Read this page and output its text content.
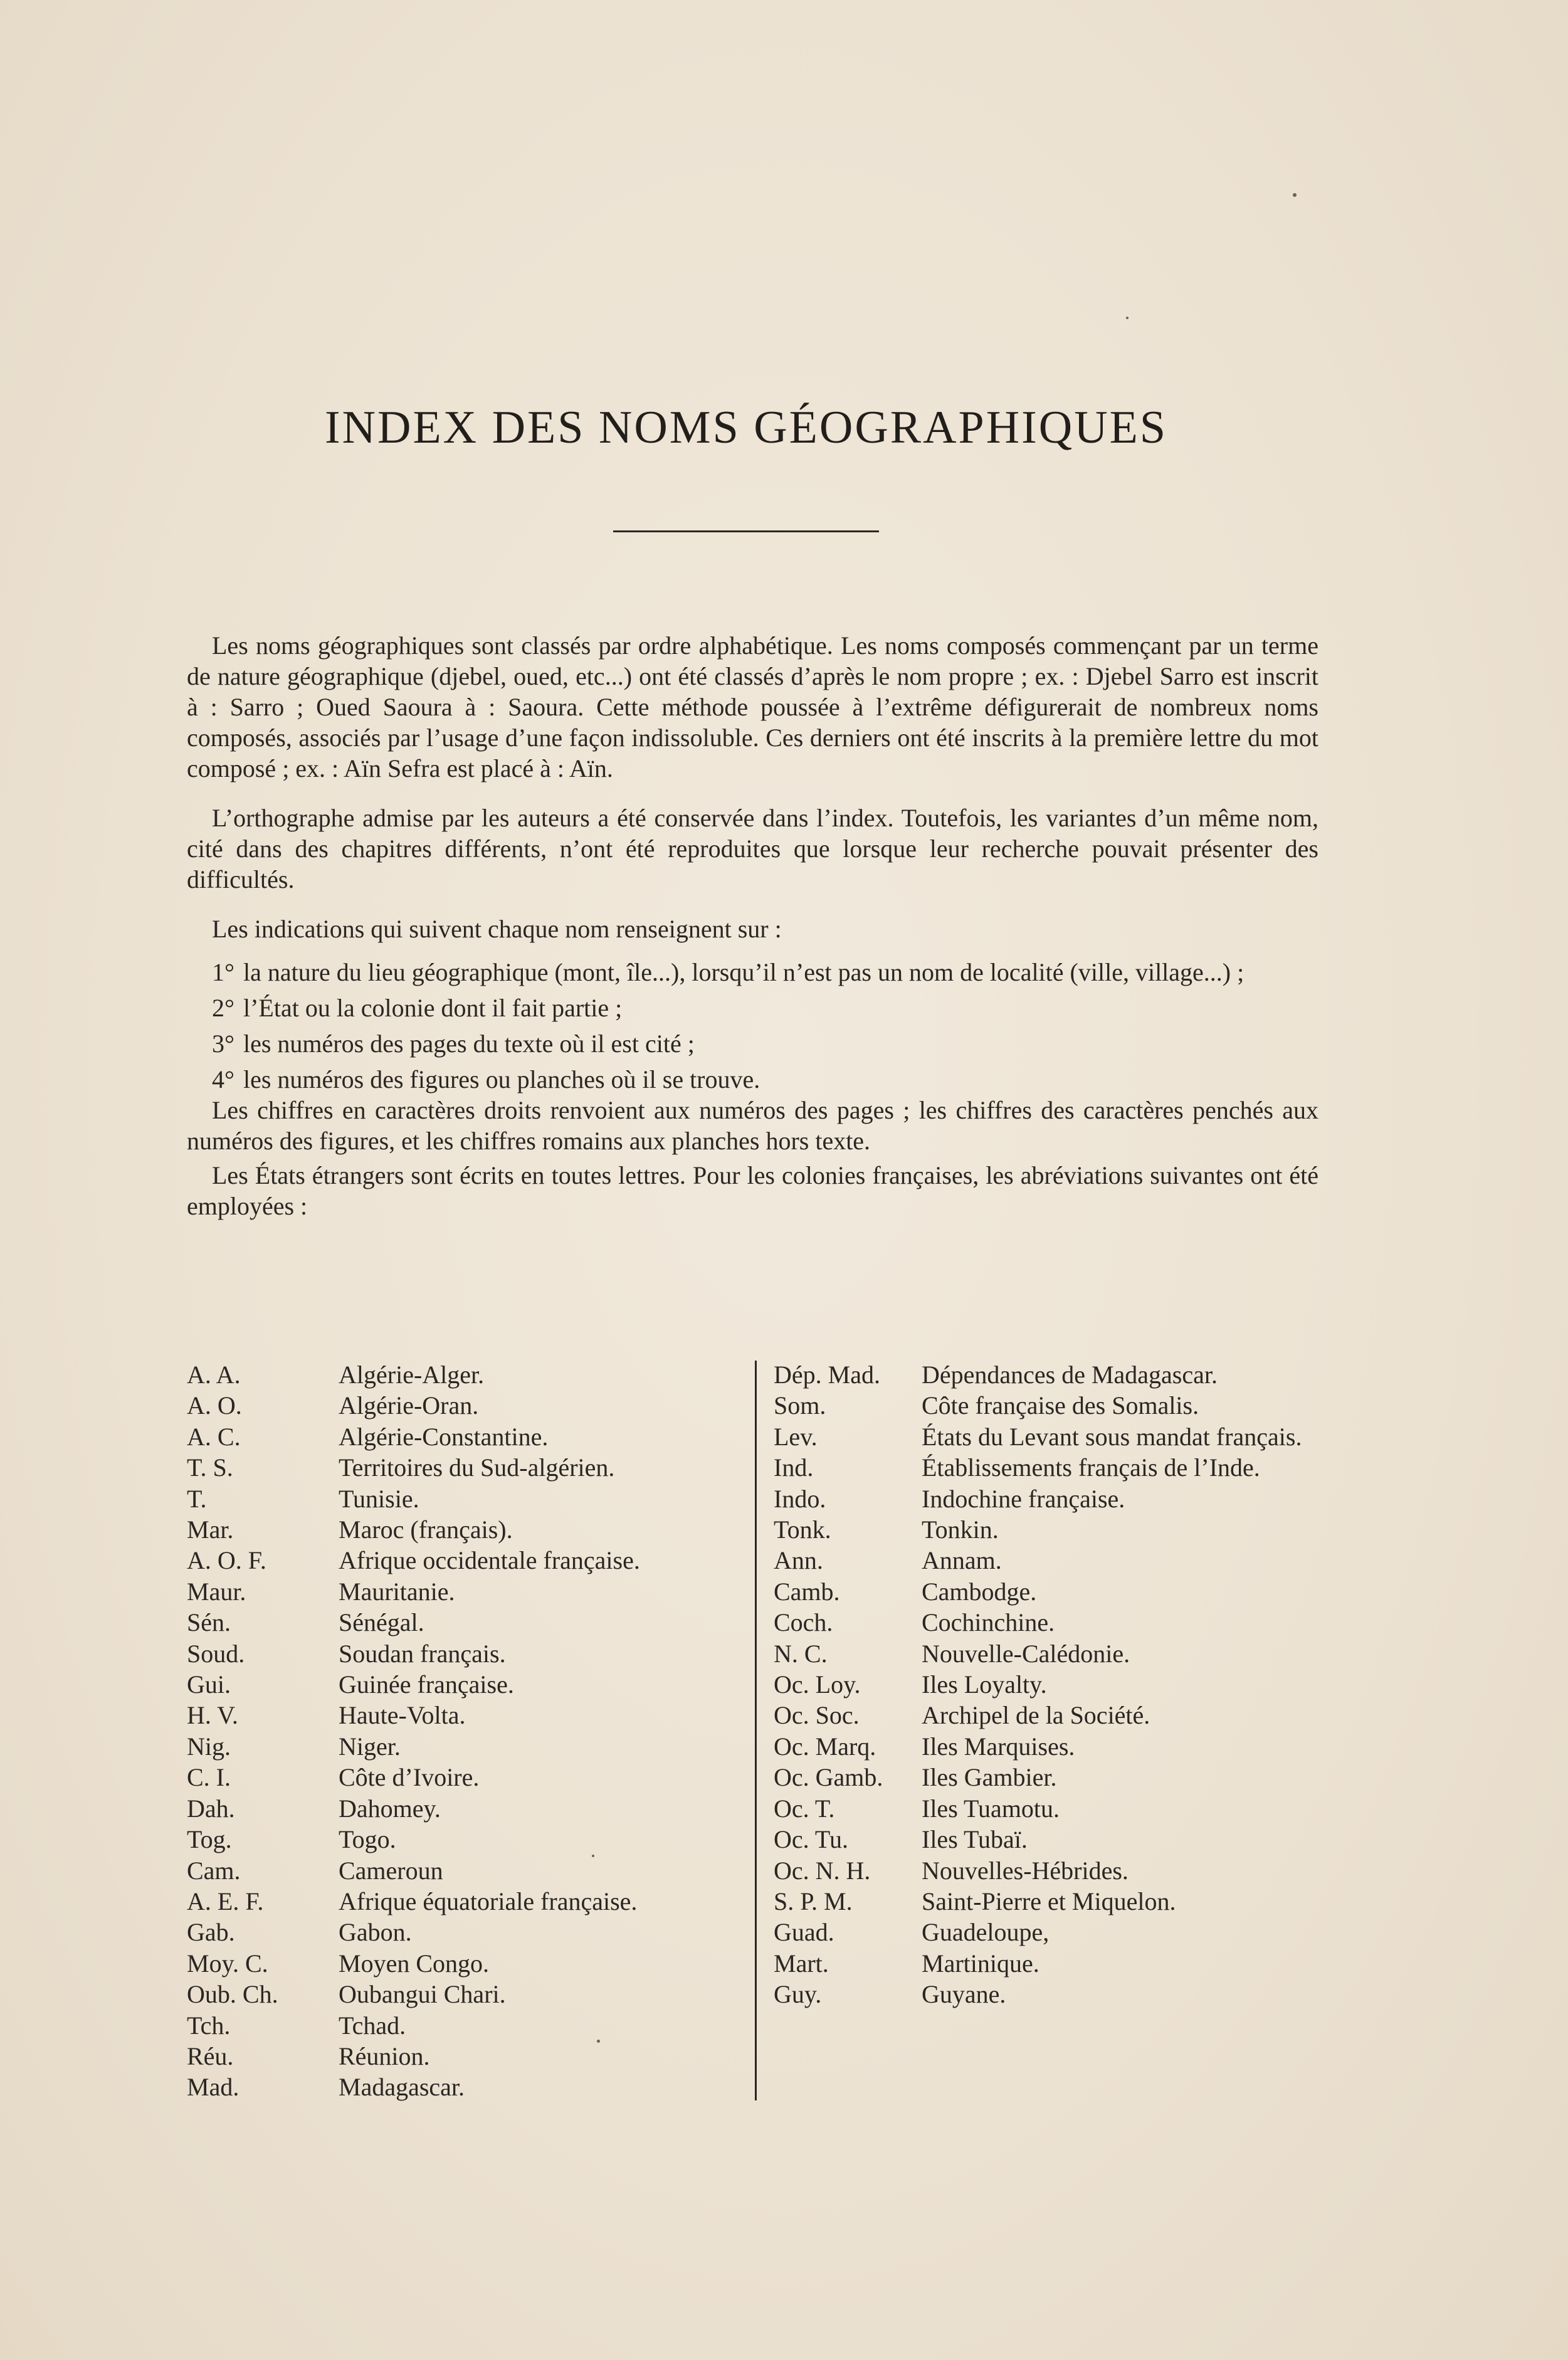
INDEX DES NOMS GÉOGRAPHIQUES

Les noms géographiques sont classés par ordre alphabétique. Les noms composés commençant par un terme de nature géographique (djebel, oued, etc...) ont été classés d’après le nom propre ; ex. : Djebel Sarro est inscrit à : Sarro ; Oued Saoura à : Saoura. Cette méthode poussée à l’extrême défigurerait de nombreux noms composés, associés par l’usage d’une façon indissoluble. Ces derniers ont été inscrits à la première lettre du mot composé ; ex. : Aïn Sefra est placé à : Aïn.

L’orthographe admise par les auteurs a été conservée dans l’index. Toutefois, les variantes d’un même nom, cité dans des chapitres différents, n’ont été reproduites que lorsque leur recherche pouvait présenter des difficultés.

Les indications qui suivent chaque nom renseignent sur :

1° la nature du lieu géographique (mont, île...), lorsqu’il n’est pas un nom de localité (ville, village...) ;

2° l’État ou la colonie dont il fait partie ;

3° les numéros des pages du texte où il est cité ;

4° les numéros des figures ou planches où il se trouve.

Les chiffres en caractères droits renvoient aux numéros des pages ; les chiffres des caractères penchés aux numéros des figures, et les chiffres romains aux planches hors texte.

Les États étrangers sont écrits en toutes lettres. Pour les colonies françaises, les abréviations suivantes ont été employées :

A. A.	Algérie-Alger.
A. O.	Algérie-Oran.
A. C.	Algérie-Constantine.
T. S.	Territoires du Sud-algérien.
T.	Tunisie.
Mar.	Maroc (français).
A. O. F.	Afrique occidentale française.
Maur.	Mauritanie.
Sén.	Sénégal.
Soud.	Soudan français.
Gui.	Guinée française.
H. V.	Haute-Volta.
Nig.	Niger.
C. I.	Côte d’Ivoire.
Dah.	Dahomey.
Tog.	Togo.
Cam.	Cameroun
A. E. F.	Afrique équatoriale française.
Gab.	Gabon.
Moy. C.	Moyen Congo.
Oub. Ch.	Oubangui Chari.
Tch.	Tchad.
Réu.	Réunion.
Mad.	Madagascar.
Dép. Mad.	Dépendances de Madagascar.
Som.	Côte française des Somalis.
Lev.	États du Levant sous mandat français.
Ind.	Établissements français de l’Inde.
Indo.	Indochine française.
Tonk.	Tonkin.
Ann.	Annam.
Camb.	Cambodge.
Coch.	Cochinchine.
N. C.	Nouvelle-Calédonie.
Oc. Loy.	Iles Loyalty.
Oc. Soc.	Archipel de la Société.
Oc. Marq.	Iles Marquises.
Oc. Gamb.	Iles Gambier.
Oc. T.	Iles Tuamotu.
Oc. Tu.	Iles Tubaï.
Oc. N. H.	Nouvelles-Hébrides.
S. P. M.	Saint-Pierre et Miquelon.
Guad.	Guadeloupe,
Mart.	Martinique.
Guy.	Guyane.
